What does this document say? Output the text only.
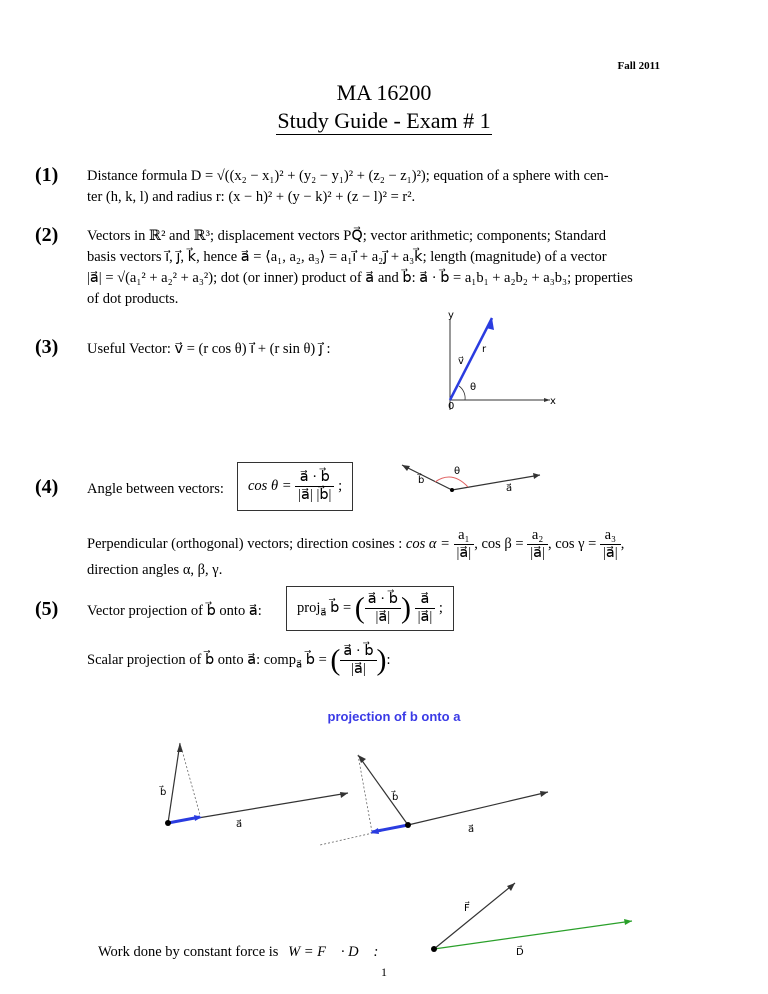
Fall 2011
MA 16200
Study Guide - Exam # 1
(1) Distance formula D = √((x₂ − x₁)² + (y₂ − y₁)² + (z₂ − z₁)²); equation of a sphere with cen-
ter (h, k, l) and radius r: (x − h)² + (y − k)² + (z − l)² = r².
(2) Vectors in ℝ² and ℝ³; displacement vectors PQ⃗; vector arithmetic; components; Standard
basis vectors i⃗, j⃗, k⃗, hence a⃗ = ⟨a₁, a₂, a₃⟩ = a₁i⃗ + a₂j⃗ + a₃k⃗; length (magnitude) of a vector
|a⃗| = √(a₁² + a₂² + a₃²); dot (or inner) product of a⃗ and b⃗: a⃗ · b⃗ = a₁b₁ + a₂b₂ + a₃b₃; properties
of dot products.
(3) Useful Vector: v⃗ = (r cos θ) i⃗ + (r sin θ) j⃗ :
y
x
0
r
v⃗
θ
(4) Angle between vectors:	$\cos \theta = \frac{a⃗ \cdot b⃗}{|a⃗| |b⃗|}$ ;	b⃗
a⃗
θ
Perpendicular (orthogonal) vectors; direction cosines : $\cos \alpha = \frac{\text{a₁}}{|a⃗|}$ , $\cos \beta = \frac{\text{a₂}}{|a⃗|}$ , $\cos \gamma = \frac{\text{a₃}}{|a⃗|}$ ,
direction angles α, β, γ.
(5) Vector projection of b⃗ onto a⃗:	proj$_{a⃗}$ b⃗ = ( $\frac{a⃗ \cdot b⃗}{|a⃗|}$ ) $\frac{a⃗}{|a⃗|}$ ;
Scalar projection of b⃗ onto a⃗: comp$_{a⃗}$ b⃗ = ( $\frac{a⃗ \cdot b⃗}{|a⃗|}$ ):
projection of b onto a
b⃗
a⃗
b⃗
a⃗
F⃗
D⃗
Work done by constant force is W = F⃗ · D⃗ :
1
